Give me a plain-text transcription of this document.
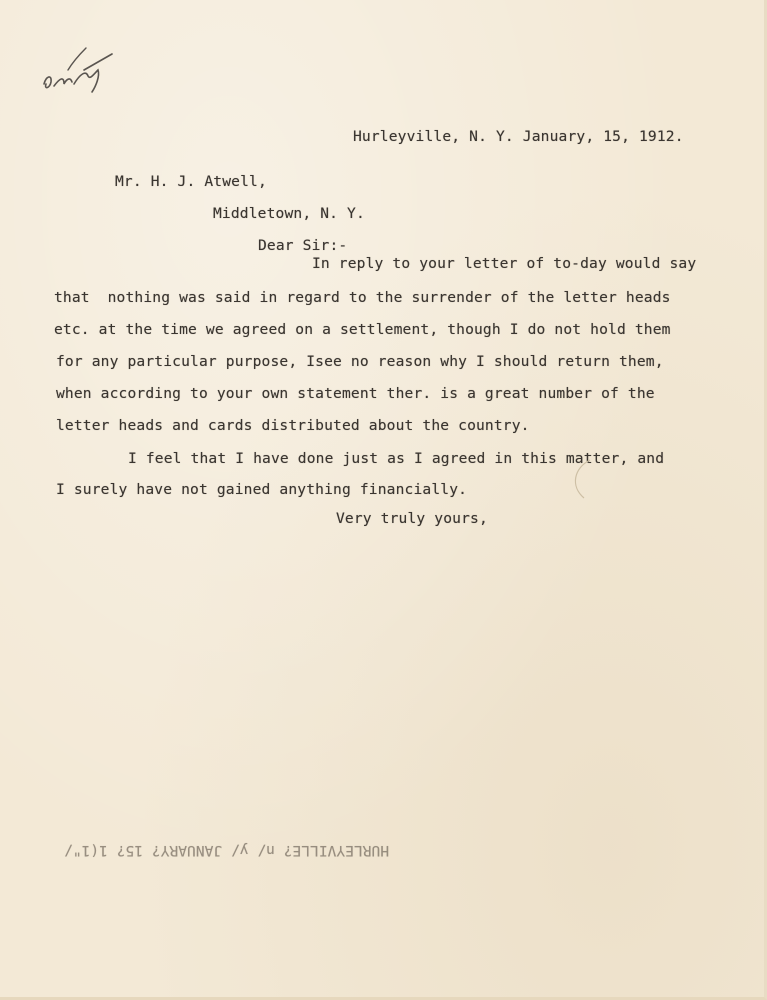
Hurleyville, N. Y. January, 15, 1912.
Mr. H. J. Atwell,
Middletown, N. Y.
Dear Sir:-
In reply to your letter of to-day would say
that  nothing was said in regard to the surrender of the letter heads
etc. at the time we agreed on a settlement, though I do not hold them
for any particular purpose, Isee no reason why I should return them,
when according to your own statement ther. is a great number of the
letter heads and cards distributed about the country.
I feel that I have done just as I agreed in this matter, and
I surely have not gained anything financially.
Very truly yours,
HURLEYVILLE? n/ y/ JANUARY? 15? 1(1"/
